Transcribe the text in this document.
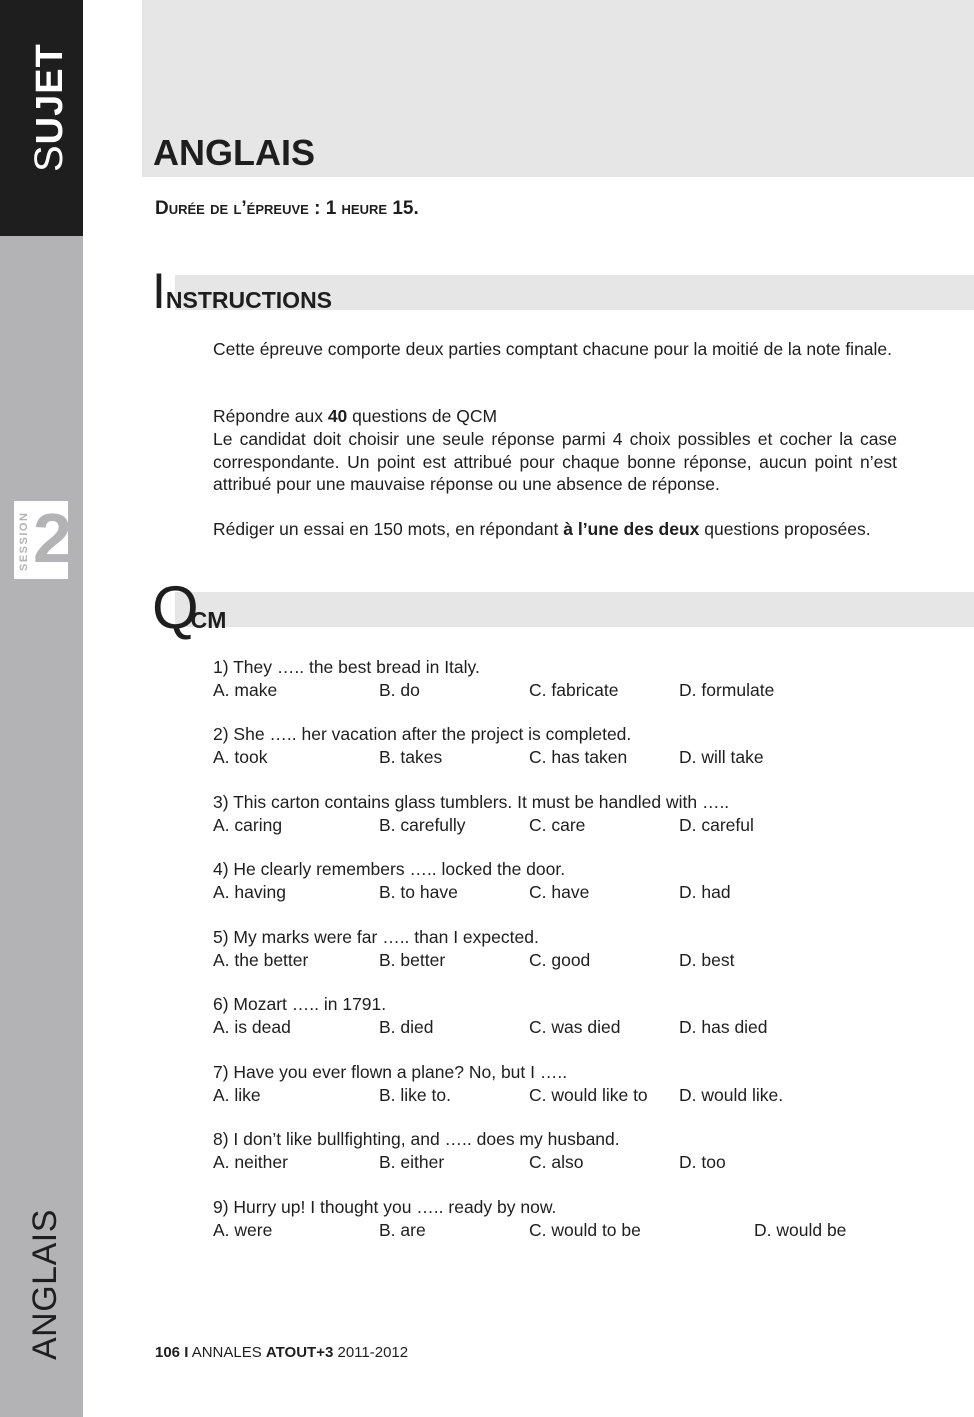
SUJET
SESSION 2
ANGLAIS
ANGLAIS
Durée de l’épreuve : 1 heure 15.
INSTRUCTIONS

Cette épreuve comporte deux parties comptant chacune pour la moitié de la note finale.

Répondre aux 40 questions de QCM

Le candidat doit choisir une seule réponse parmi 4 choix possibles et cocher la case correspondante. Un point est attribué pour chaque bonne réponse, aucun point n’est attribué pour une mauvaise réponse ou une absence de réponse.

Rédiger un essai en 150 mots, en répondant à l’une des deux questions proposées.

QCM
1) They ….. the best bread in Italy.
A. make	B. do	C. fabricate	D. formulate
2) She ….. her vacation after the project is completed.
A. took	B. takes	C. has taken	D. will take
3) This carton contains glass tumblers. It must be handled with …..
A. caring	B. carefully	C. care	D. careful
4) He clearly remembers ….. locked the door.
A. having	B. to have	C. have	D. had
5) My marks were far ….. than I expected.
A. the better	B. better	C. good	D. best
6) Mozart ….. in 1791.
A. is dead	B. died	C. was died	D. has died
7) Have you ever flown a plane? No, but I …..
A. like	B. like to.	C. would like to D. would like.
8) I don’t like bullfighting, and ….. does my husband.
A. neither	B. either	C. also	D. too
9) Hurry up! I thought you ….. ready by now.
A. were	B. are	C. would to be	D. would be
106 I ANNALES ATOUT+3 2011-2012
